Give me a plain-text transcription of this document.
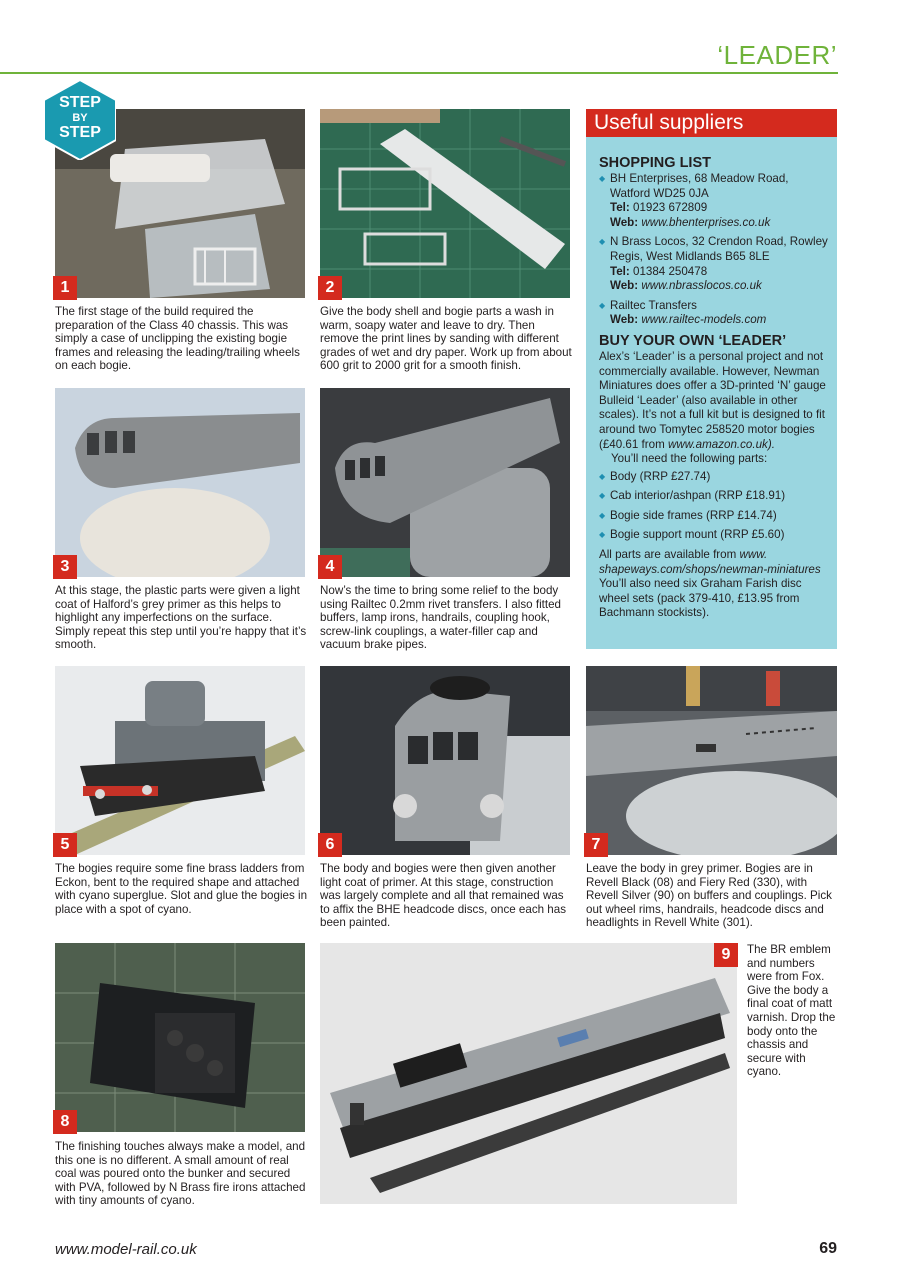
‘LEADER’
1
STEP
BY
STEP
The first stage of the build required the preparation of the Class 40 chassis. This was simply a case of unclipping the existing bogie frames and releasing the leading/trailing wheels on each bogie.
2
Give the body shell and bogie parts a wash in warm, soapy water and leave to dry. Then remove the print lines by sanding with different grades of wet and dry paper. Work up from about 600 grit to 2000 grit for a smooth finish.
Useful suppliers
SHOPPING LIST
◆ BH Enterprises, 68 Meadow Road, Watford WD25 0JA
Tel: 01923 672809
Web: www.bhenterprises.co.uk
◆ N Brass Locos, 32 Crendon Road, Rowley Regis, West Midlands B65 8LE
Tel: 01384 250478
Web: www.nbrasslocos.co.uk
◆ Railtec Transfers
Web: www.railtec-models.com
BUY YOUR OWN ‘LEADER’
Alex’s ‘Leader’ is a personal project and not commercially available. However, Newman Miniatures does offer a 3D-printed ‘N’ gauge Bulleid ‘Leader’ (also available in other scales). It’s not a full kit but is designed to fit around two Tomytec 258520 motor bogies (£40.61 from www.amazon.co.uk).
You’ll need the following parts:
◆ Body (RRP £27.74)
◆ Cab interior/ashpan (RRP £18.91)
◆ Bogie side frames (RRP £14.74)
◆ Bogie support mount (RRP £5.60)
All parts are available from www. shapeways.com/shops/newman-miniatures You’ll also need six Graham Farish disc wheel sets (pack 379-410, £13.95 from Bachmann stockists).
3
At this stage, the plastic parts were given a light coat of Halford’s grey primer as this helps to highlight any imperfections on the surface. Simply repeat this step until you’re happy that it’s smooth.
4
Now’s the time to bring some relief to the body using Railtec 0.2mm rivet transfers. I also fitted buffers, lamp irons, handrails, coupling hook, screw-link couplings, a water-filler cap and vacuum brake pipes.
5
The bogies require some fine brass ladders from Eckon, bent to the required shape and attached with cyano superglue. Slot and glue the bogies in place with a spot of cyano.
6
The body and bogies were then given another light coat of primer. At this stage, construction was largely complete and all that remained was to affix the BHE headcode discs, once each has been painted.
7
Leave the body in grey primer. Bogies are in Revell Black (08) and Fiery Red (330), with Revell Silver (90) on buffers and couplings. Pick out wheel rims, handrails, headcode discs and headlights in Revell White (301).
8
The finishing touches always make a model, and this one is no different. A small amount of real coal was poured onto the bunker and secured with PVA, followed by N Brass fire irons attached with tiny amounts of cyano.
9	The BR emblem and numbers were from Fox. Give the body a final coat of matt varnish. Drop the body onto the chassis and secure with cyano.
www.model-rail.co.uk	69
